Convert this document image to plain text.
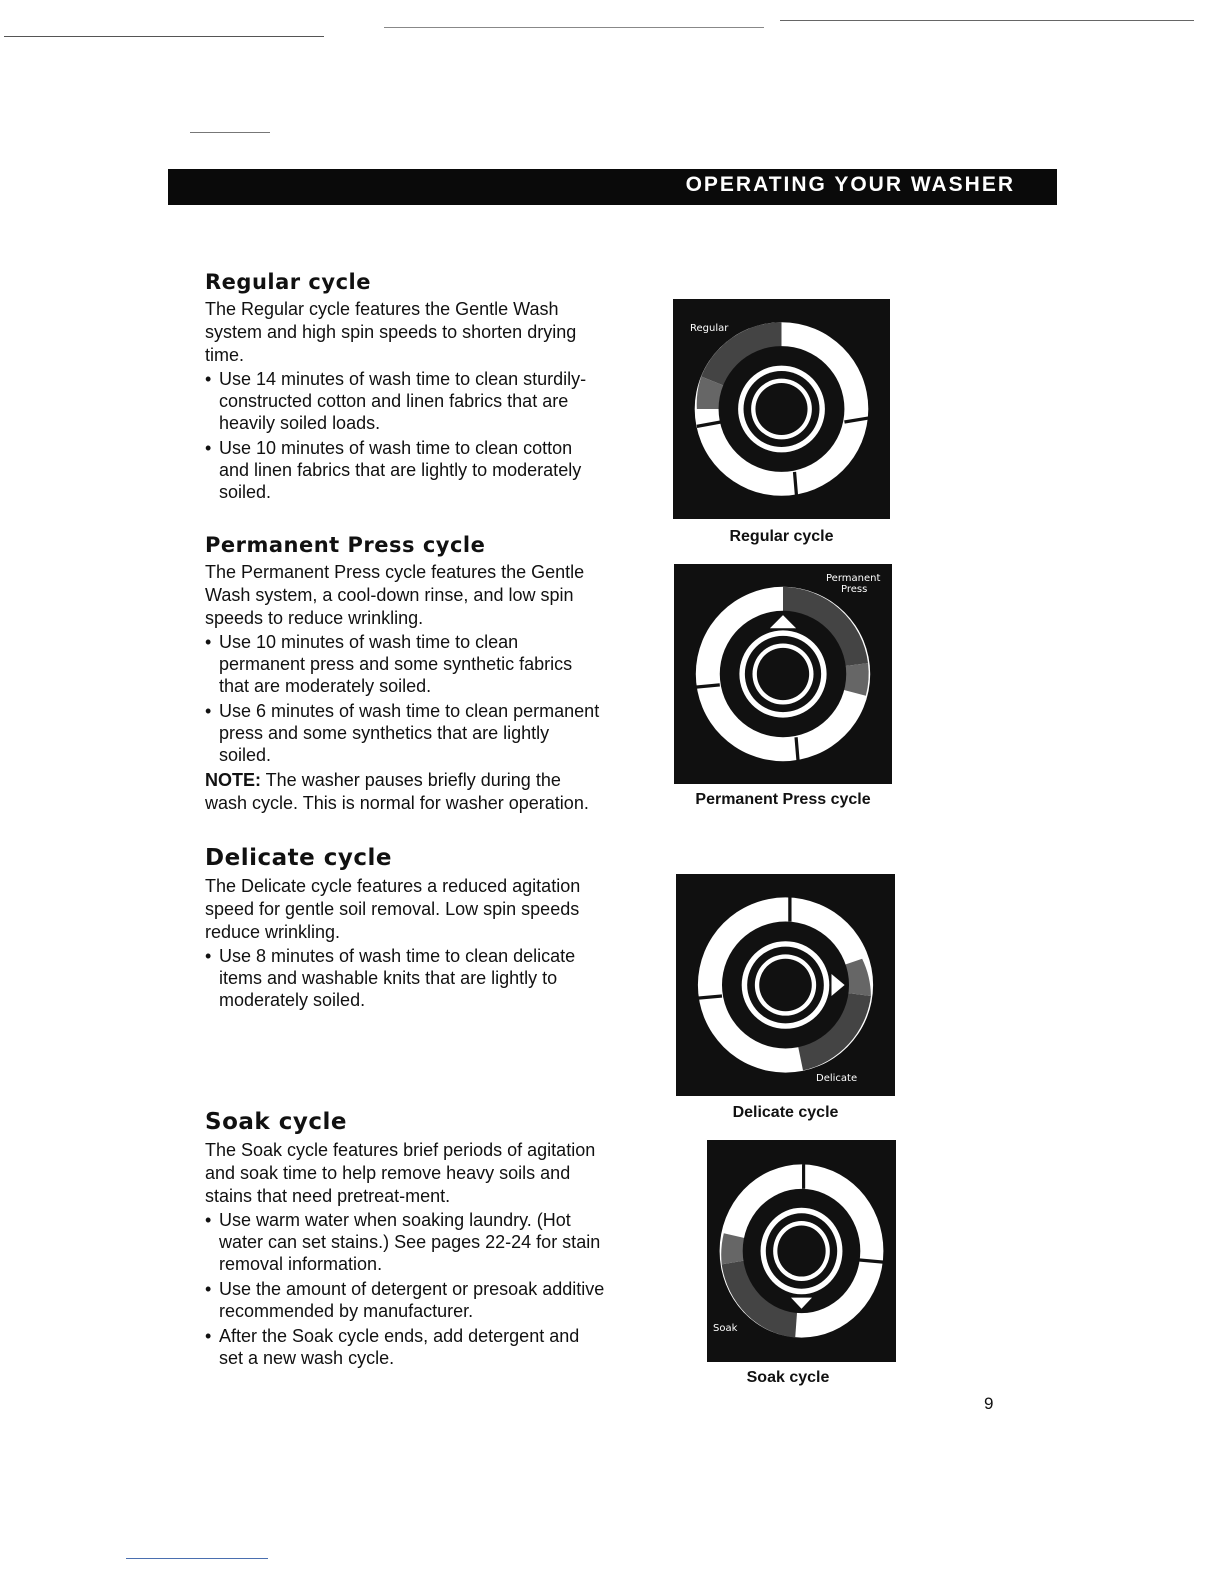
OPERATING YOUR WASHER
Regular cycle

The Regular cycle features the Gentle Wash system and high spin speeds to shorten drying time.

• Use 14 minutes of wash time to clean sturdily-constructed cotton and linen fabrics that are heavily soiled loads.
• Use 10 minutes of wash time to clean cotton and linen fabrics that are lightly to moderately soiled.
Permanent Press cycle

The Permanent Press cycle features the Gentle Wash system, a cool-down rinse, and low spin speeds to reduce wrinkling.

• Use 10 minutes of wash time to clean permanent press and some synthetic fabrics that are moderately soiled.
• Use 6 minutes of wash time to clean permanent press and some synthetics that are lightly soiled.

NOTE: The washer pauses briefly during the wash cycle. This is normal for washer operation.

Delicate cycle

The Delicate cycle features a reduced agitation speed for gentle soil removal. Low spin speeds reduce wrinkling.

• Use 8 minutes of wash time to clean delicate items and washable knits that are lightly to moderately soiled.
Soak cycle

The Soak cycle features brief periods of agitation and soak time to help remove heavy soils and stains that need pretreat-ment.

• Use warm water when soaking laundry. (Hot water can set stains.) See pages 22-24 for stain removal information.
• Use the amount of detergent or presoak additive recommended by manufacturer.
• After the Soak cycle ends, add detergent and set a new wash cycle.
Regular
Regular cycle
Permanent
Press
Permanent Press cycle
Delicate
Delicate cycle
Soak
Soak cycle
9
